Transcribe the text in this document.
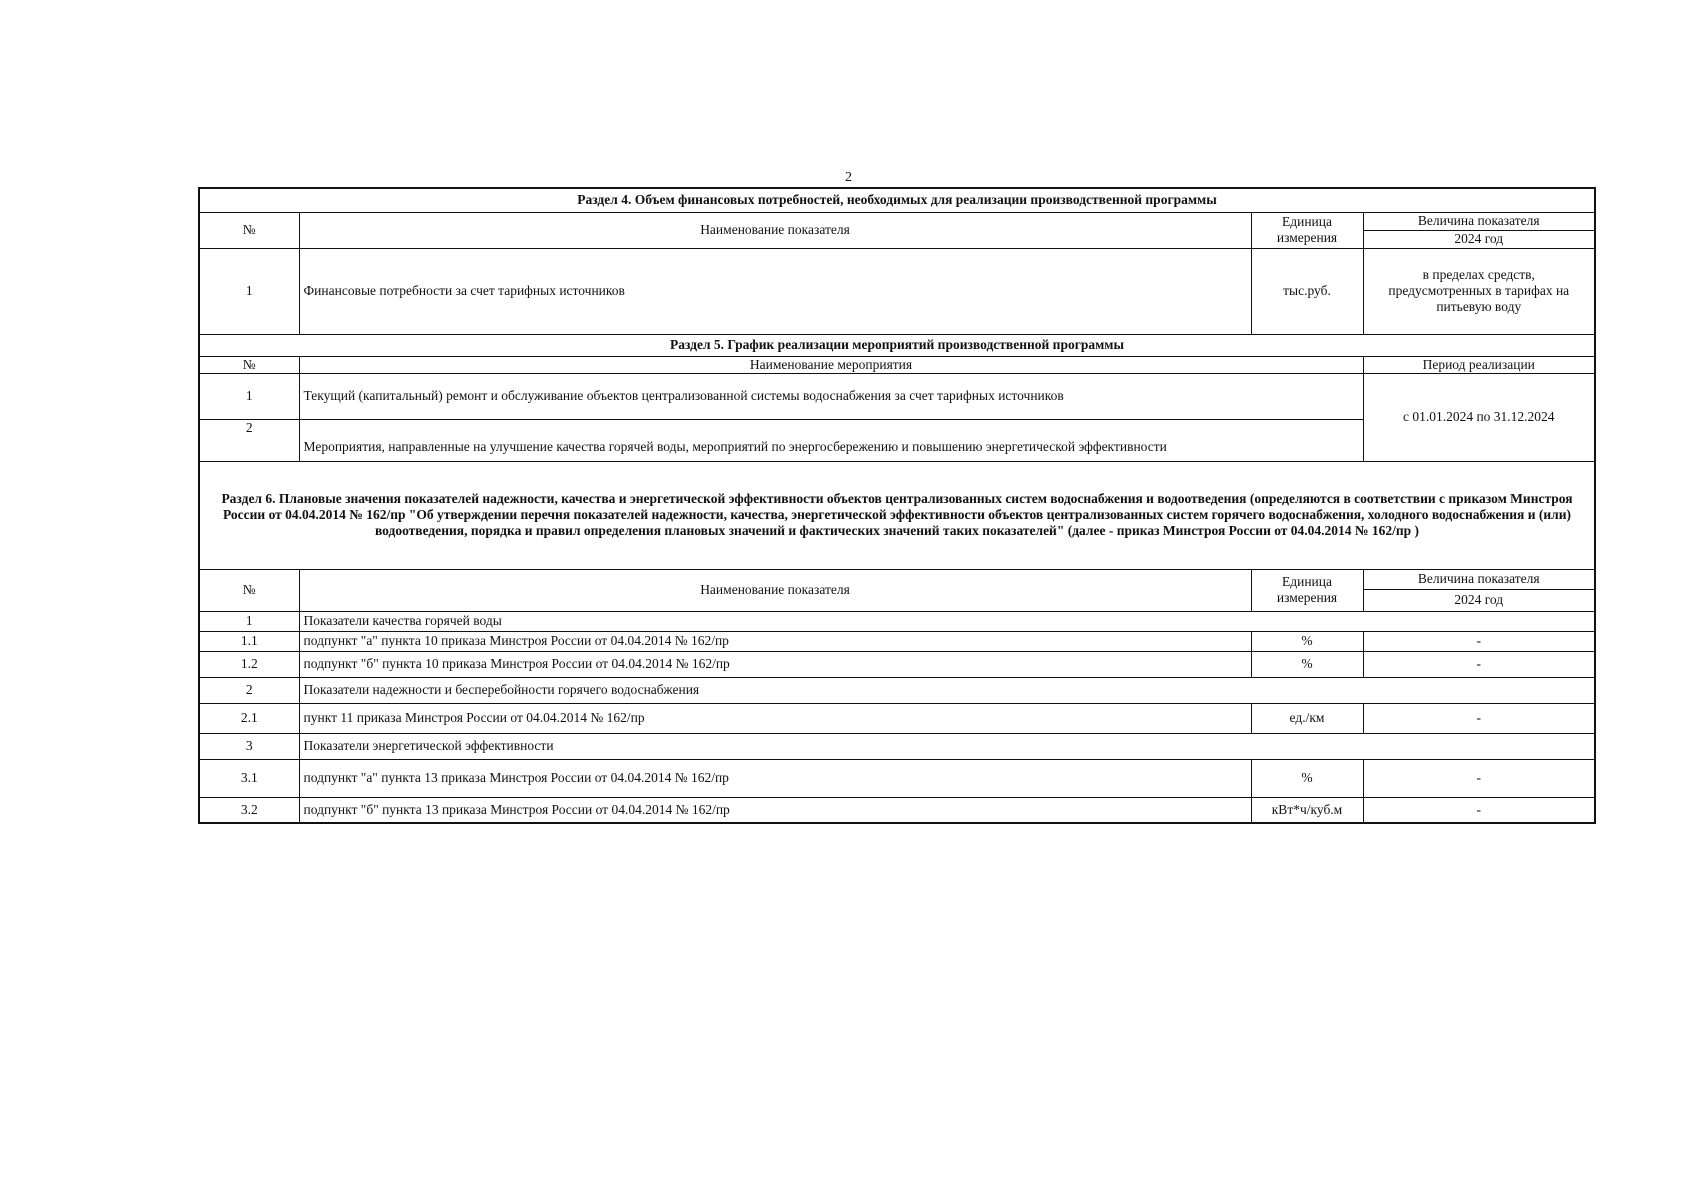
2
Раздел 4. Объем финансовых потребностей, необходимых для реализации производственной программы			
№	Наименование показателя	Единица измерения	Величина показателя
			2024 год
1	Финансовые потребности за счет тарифных источников	тыс.руб.	в пределах средств, предусмотренных в тарифах на питьевую воду
Раздел 5. График реализации мероприятий производственной программы			
№	Наименование мероприятия		Период реализации
1	Текущий (капитальный) ремонт и обслуживание объектов централизованной системы водоснабжения за счет тарифных источников		с 01.01.2024 по 31.12.2024
2	Мероприятия, направленные на улучшение качества горячей воды, мероприятий по энергосбережению и повышению энергетической эффективности		
Раздел 6. Плановые значения показателей надежности, качества и энергетической эффективности объектов централизованных систем водоснабжения и водоотведения (определяются в соответствии с приказом Минстроя России от 04.04.2014 № 162/пр "Об утверждении перечня показателей надежности, качества, энергетической эффективности объектов централизованных систем горячего водоснабжения, холодного водоснабжения и (или) водоотведения, порядка и правил определения плановых значений и фактических значений таких показателей" (далее - приказ Минстроя России от 04.04.2014 № 162/пр )			
№	Наименование показателя	Единица измерения	Величина показателя
			2024 год
1	Показатели качества горячей воды		
1.1	подпункт "а" пункта 10 приказа Минстроя России от 04.04.2014 № 162/пр	%	-
1.2	подпункт "б" пункта 10 приказа Минстроя России от 04.04.2014 № 162/пр	%	-
2	Показатели надежности и бесперебойности горячего водоснабжения		
2.1	пункт 11 приказа Минстроя России от 04.04.2014 № 162/пр	ед./км	-
3	Показатели энергетической эффективности		
3.1	подпункт "а" пункта 13 приказа Минстроя России от 04.04.2014 № 162/пр	%	-
3.2	подпункт "б" пункта 13 приказа Минстроя России от 04.04.2014 № 162/пр	кВт*ч/куб.м	-
